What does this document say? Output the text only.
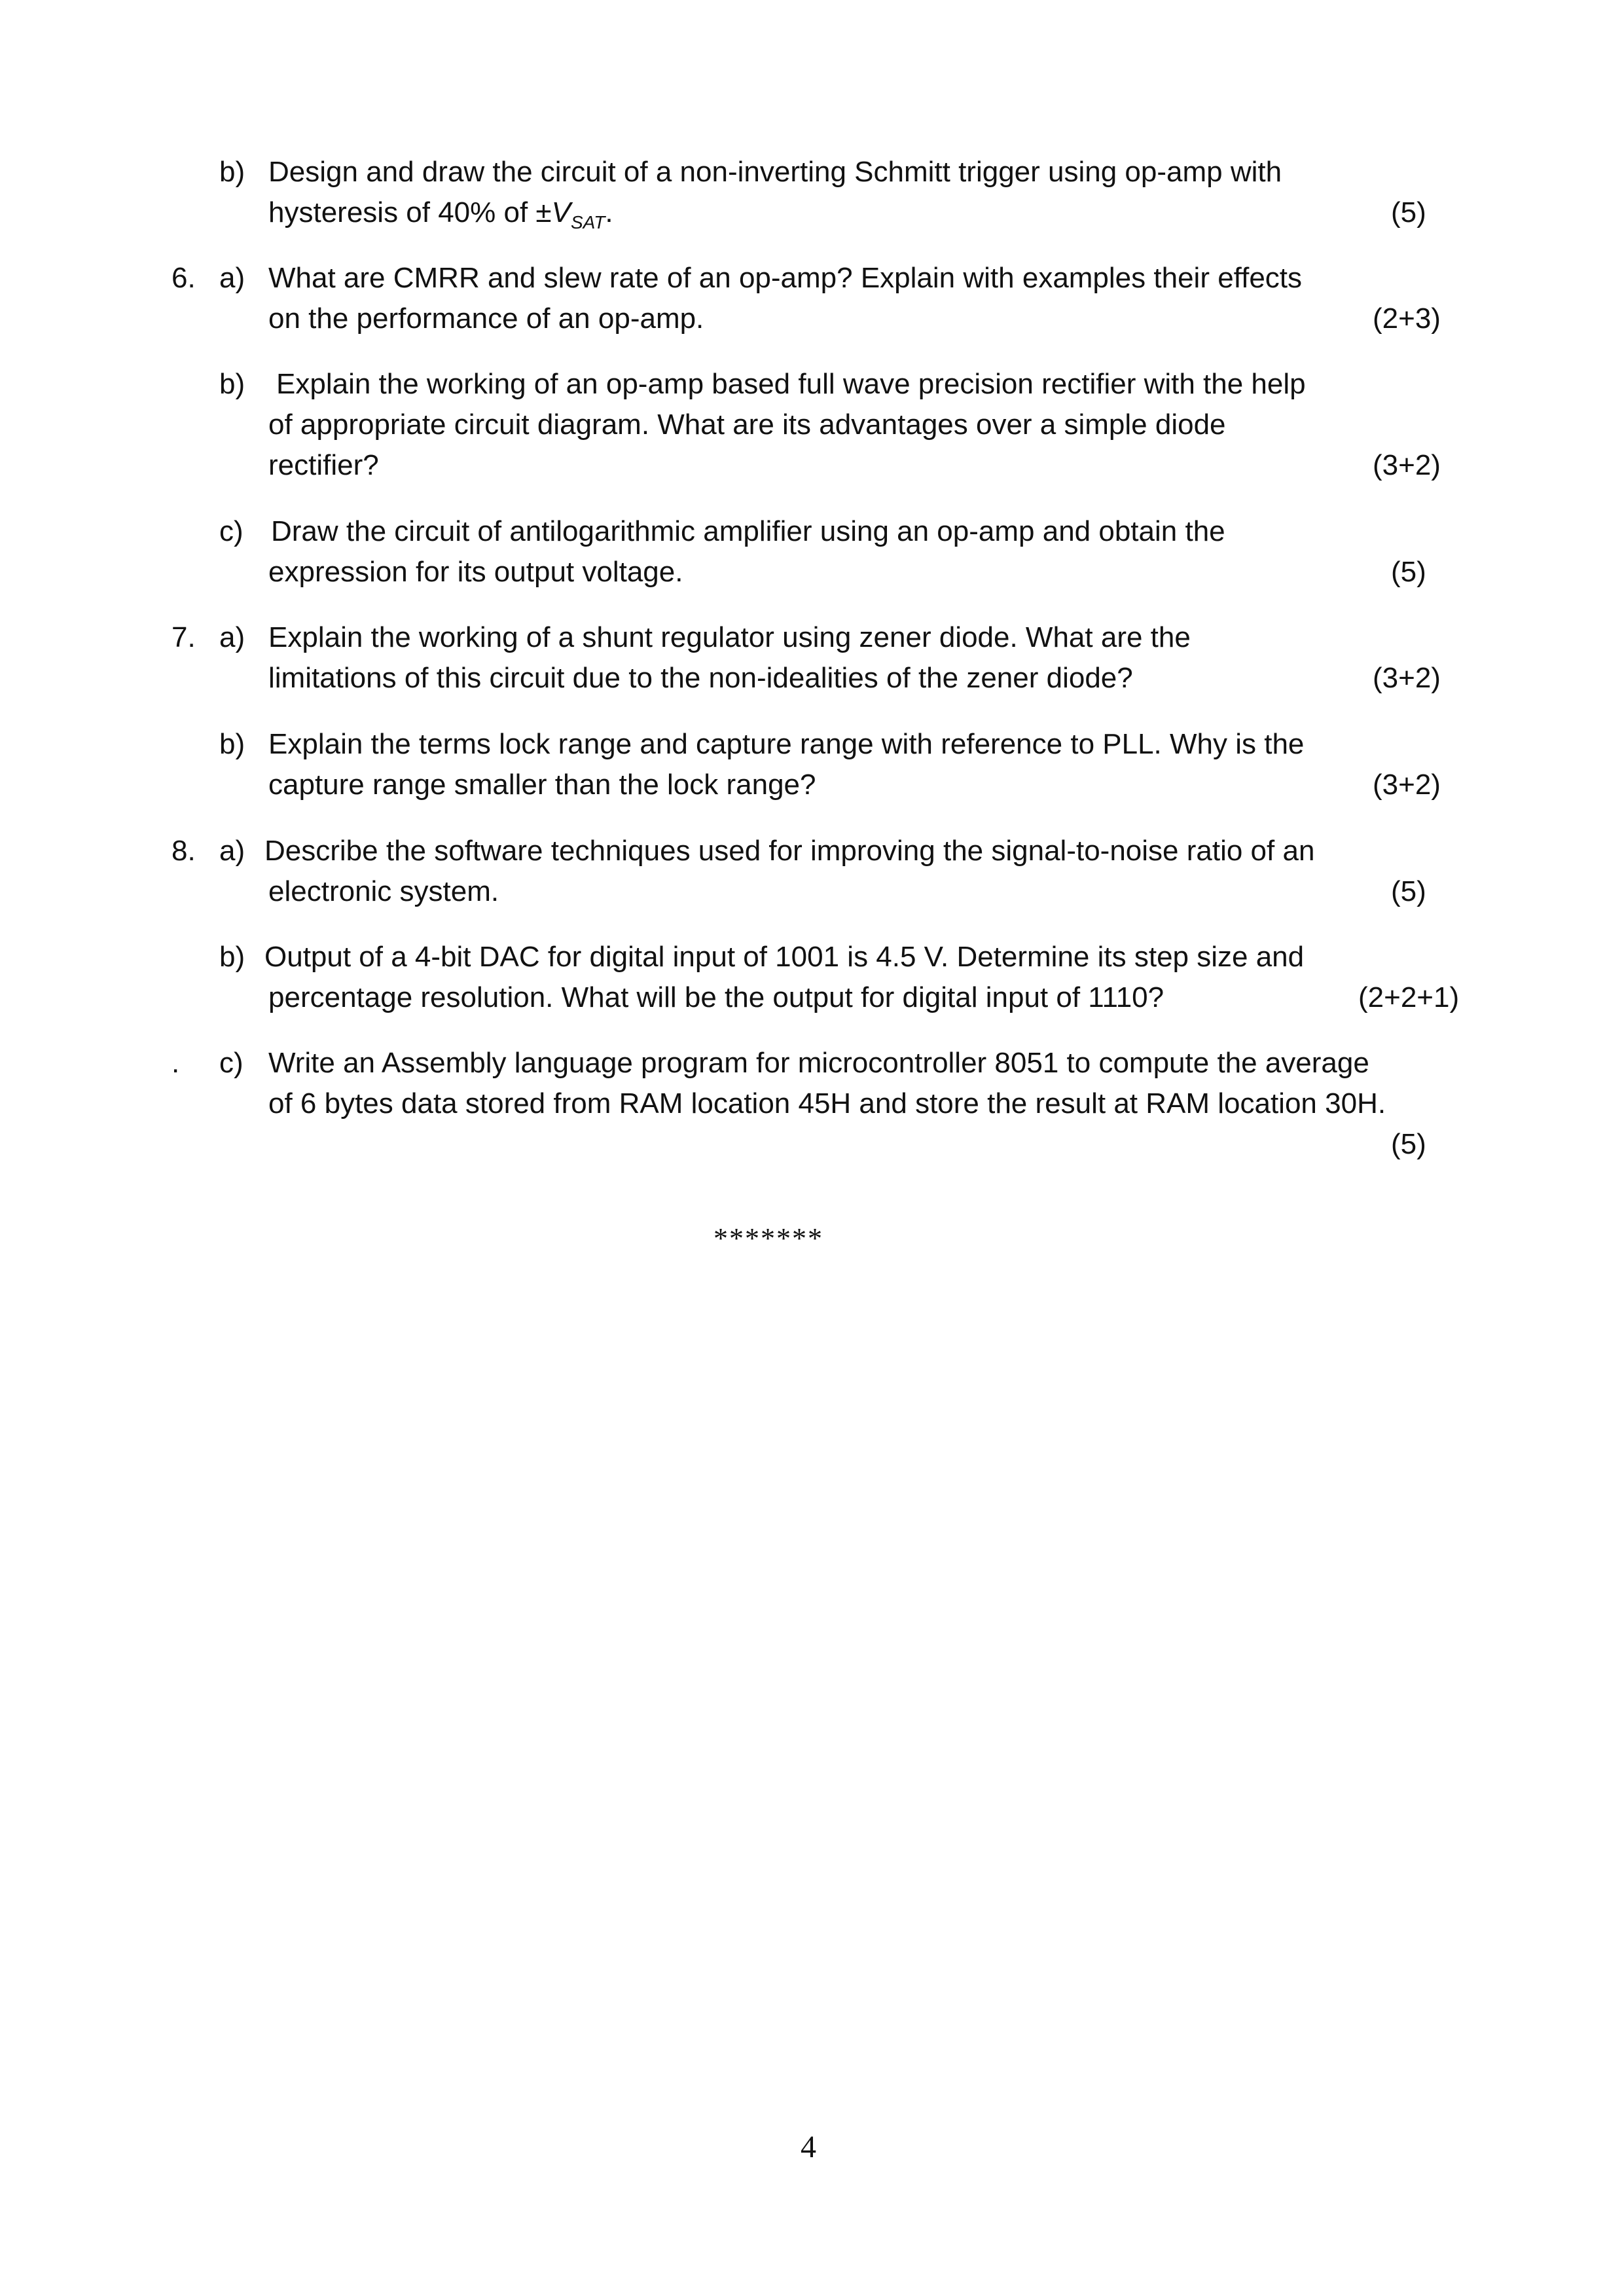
b) Design and draw the circuit of a non-inverting Schmitt trigger using op-amp with
hysteresis of 40% of $\pm V_{SAT}$.	(5)
6. a) What are CMRR and slew rate of an op-amp? Explain with examples their effects
on the performance of an op-amp.	(2+3)
b) Explain the working of an op-amp based full wave precision rectifier with the help
of appropriate circuit diagram. What are its advantages over a simple diode
rectifier?	(3+2)
c) Draw the circuit of antilogarithmic amplifier using an op-amp and obtain the
expression for its output voltage.	(5)
7. a) Explain the working of a shunt regulator using zener diode. What are the
limitations of this circuit due to the non-idealities of the zener diode?	(3+2)
b) Explain the terms lock range and capture range with reference to PLL. Why is the
capture range smaller than the lock range?	(3+2)
8. a) Describe the software techniques used for improving the signal-to-noise ratio of an
electronic system.	(5)
b) Output of a 4-bit DAC for digital input of 1001 is 4.5 V. Determine its step size and
percentage resolution. What will be the output for digital input of 1110?	(2+2+1)
. c) Write an Assembly language program for microcontroller 8051 to compute the average
of 6 bytes data stored from RAM location 45H and store the result at RAM location 30H.
(5)
*******
4
